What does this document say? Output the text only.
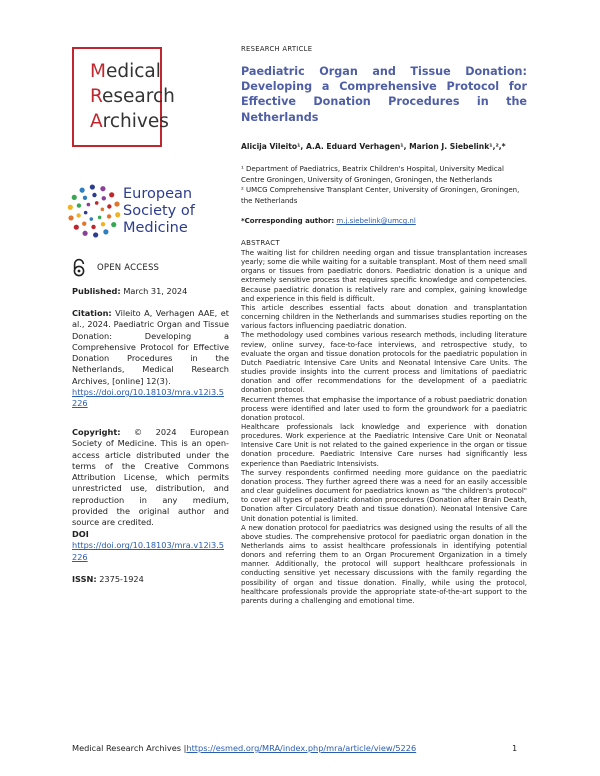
Medical
Research
Archives
European
Society of
Medicine
OPEN ACCESS
Published: March 31, 2024
Citation: Vileito A, Verhagen AAE, et al., 2024. Paediatric Organ and Tissue Donation: Developing a Comprehensive Protocol for Effective Donation Procedures in the Netherlands, Medical Research Archives, [online] 12(3).
https://doi.org/10.18103/mra.v12i3.5226
Copyright: © 2024 European Society of Medicine. This is an open-access article distributed under the terms of the Creative Commons Attribution License, which permits unrestricted use, distribution, and reproduction in any medium, provided the original author and source are credited.
DOI
https://doi.org/10.18103/mra.v12i3.5226
ISSN: 2375-1924
RESEARCH ARTICLE
Paediatric Organ and Tissue Donation: Developing a Comprehensive Protocol for Effective Donation Procedures in the Netherlands
Alicija Vileito¹, A.A. Eduard Verhagen¹, Marion J. Siebelink¹,²,*
¹ Department of Paediatrics, Beatrix Children's Hospital, University Medical Centre Groningen, University of Groningen, Groningen, the Netherlands
² UMCG Comprehensive Transplant Center, University of Groningen, Groningen, the Netherlands
*Corresponding author: m.j.siebelink@umcg.nl
ABSTRACT

The waiting list for children needing organ and tissue transplantation increases yearly; some die while waiting for a suitable transplant. Most of them need small organs or tissues from paediatric donors. Paediatric donation is a unique and extremely sensitive process that requires specific knowledge and competencies. Because paediatric donation is relatively rare and complex, gaining knowledge and experience in this field is difficult.

This article describes essential facts about donation and transplantation concerning children in the Netherlands and summarises studies reporting on the various factors influencing paediatric donation.

The methodology used combines various research methods, including literature review, online survey, face-to-face interviews, and retrospective study, to evaluate the organ and tissue donation protocols for the paediatric population in Dutch Paediatric Intensive Care Units and Neonatal Intensive Care Units. The studies provide insights into the current process and limitations of paediatric donation and offer recommendations for the development of a paediatric donation protocol.

Recurrent themes that emphasise the importance of a robust paediatric donation process were identified and later used to form the groundwork for a paediatric donation protocol.

Healthcare professionals lack knowledge and experience with donation procedures. Work experience at the Paediatric Intensive Care Unit or Neonatal Intensive Care Unit is not related to the gained experience in the organ or tissue donation procedure. Paediatric Intensive Care nurses had significantly less experience than Paediatric Intensivists.

The survey respondents confirmed needing more guidance on the paediatric donation process. They further agreed there was a need for an easily accessible and clear guidelines document for paediatrics known as "the children's protocol" to cover all types of paediatric donation procedures (Donation after Brain Death, Donation after Circulatory Death and tissue donation). Neonatal Intensive Care Unit donation potential is limited.

A new donation protocol for paediatrics was designed using the results of all the above studies. The comprehensive protocol for paediatric organ donation in the Netherlands aims to assist healthcare professionals in identifying potential donors and referring them to an Organ Procurement Organization in a timely manner. Additionally, the protocol will support healthcare professionals in conducting sensitive yet necessary discussions with the family regarding the possibility of organ and tissue donation. Finally, while using the protocol, healthcare professionals provide the appropriate state-of-the-art support to the parents during a challenging and emotional time.

Medical Research Archives |https://esmed.org/MRA/index.php/mra/article/view/5226	1
